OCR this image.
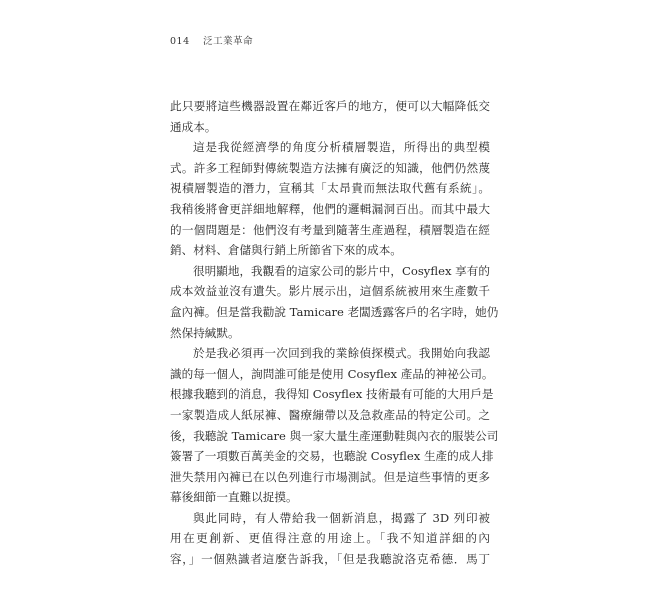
014 泛工業革命
此只要將這些機器設置在鄰近客戶的地方，便可以大幅降低交
通成本。
這是我從經濟學的角度分析積層製造，所得出的典型模
式。許多工程師對傳統製造方法擁有廣泛的知識，他們仍然蔑
視積層製造的潛力，宣稱其「太昂貴而無法取代舊有系統」。
我稍後將會更詳細地解釋，他們的邏輯漏洞百出。而其中最大
的一個問題是：他們沒有考量到隨著生產過程，積層製造在經
銷、材料、倉儲與行銷上所節省下來的成本。
很明顯地，我觀看的這家公司的影片中，Cosyflex 享有的
成本效益並沒有遺失。影片展示出，這個系統被用來生產數千
盒內褲。但是當我勸說 Tamicare 老闆透露客戶的名字時，她仍
然保持緘默。
於是我必須再一次回到我的業餘偵探模式。我開始向我認
識的每一個人，詢問誰可能是使用 Cosyflex 產品的神祕公司。
根據我聽到的消息，我得知 Cosyflex 技術最有可能的大用戶是
一家製造成人紙尿褲、醫療繃帶以及急救產品的特定公司。之
後，我聽說 Tamicare 與一家大量生產運動鞋與內衣的服裝公司
簽署了一項數百萬美金的交易，也聽說 Cosyflex 生產的成人排
泄失禁用內褲已在以色列進行市場測試。但是這些事情的更多
幕後細節一直難以捉摸。
與此同時，有人帶給我一個新消息，揭露了 3D 列印被
用在更創新、更值得注意的用途上。「我不知道詳細的內
容，」一個熟識者這麼告訴我，「但是我聽說洛克希德．馬丁
